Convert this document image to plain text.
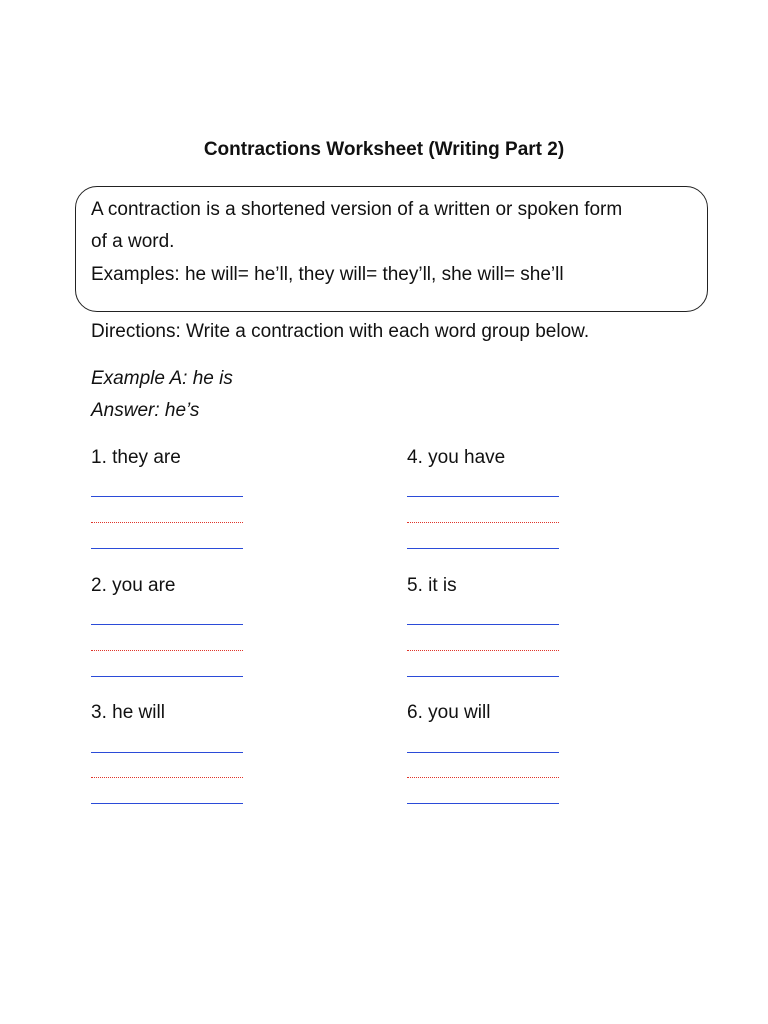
Contractions Worksheet (Writing Part 2)
A contraction is a shortened version of a written or spoken form
of a word.
Examples: he will= he’ll, they will= they’ll, she will= she’ll
Directions: Write a contraction with each word group below.
Example A: he is
Answer: he’s
1. they are
2. you are
3. he will
4. you have
5. it is
6. you will
